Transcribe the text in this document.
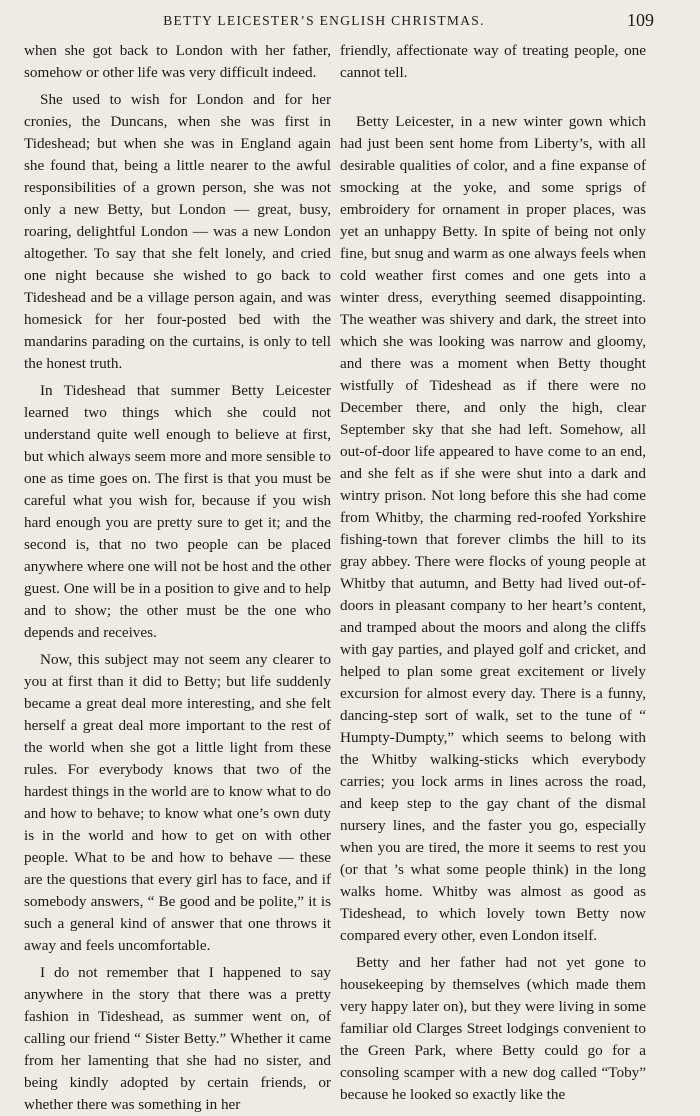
BETTY LEICESTER’S ENGLISH CHRISTMAS.	109

when she got back to London with her father, somehow or other life was very difficult indeed.

She used to wish for London and for her cronies, the Duncans, when she was first in Tideshead; but when she was in England again she found that, being a little nearer to the awful responsibilities of a grown person, she was not only a new Betty, but London — great, busy, roaring, delightful London — was a new London altogether. To say that she felt lonely, and cried one night because she wished to go back to Tideshead and be a village person again, and was homesick for her four-posted bed with the mandarins parading on the curtains, is only to tell the honest truth.

In Tideshead that summer Betty Leicester learned two things which she could not understand quite well enough to believe at first, but which always seem more and more sensible to one as time goes on. The first is that you must be careful what you wish for, because if you wish hard enough you are pretty sure to get it; and the second is, that no two people can be placed anywhere where one will not be host and the other guest. One will be in a position to give and to help and to show; the other must be the one who depends and receives.

Now, this subject may not seem any clearer to you at first than it did to Betty; but life suddenly became a great deal more interesting, and she felt herself a great deal more important to the rest of the world when she got a little light from these rules. For everybody knows that two of the hardest things in the world are to know what to do and how to behave; to know what one’s own duty is in the world and how to get on with other people. What to be and how to behave — these are the questions that every girl has to face, and if somebody answers, “ Be good and be polite,” it is such a general kind of answer that one throws it away and feels uncomfortable.

I do not remember that I happened to say anywhere in the story that there was a pretty fashion in Tideshead, as summer went on, of calling our friend “ Sister Betty.” Whether it came from her lamenting that she had no sister, and being kindly adopted by certain friends, or whether there was something in her

friendly, affectionate way of treating people, one cannot tell.

Betty Leicester, in a new winter gown which had just been sent home from Liberty’s, with all desirable qualities of color, and a fine expanse of smocking at the yoke, and some sprigs of embroidery for ornament in proper places, was yet an unhappy Betty. In spite of being not only fine, but snug and warm as one always feels when cold weather first comes and one gets into a winter dress, everything seemed disappointing. The weather was shivery and dark, the street into which she was looking was narrow and gloomy, and there was a moment when Betty thought wistfully of Tideshead as if there were no December there, and only the high, clear September sky that she had left. Somehow, all out-of-door life appeared to have come to an end, and she felt as if she were shut into a dark and wintry prison. Not long before this she had come from Whitby, the charming red-roofed Yorkshire fishing-town that forever climbs the hill to its gray abbey. There were flocks of young people at Whitby that autumn, and Betty had lived out-of-doors in pleasant company to her heart’s content, and tramped about the moors and along the cliffs with gay parties, and played golf and cricket, and helped to plan some great excitement or lively excursion for almost every day. There is a funny, dancing-step sort of walk, set to the tune of “ Humpty-Dumpty,” which seems to belong with the Whitby walking-sticks which everybody carries; you lock arms in lines across the road, and keep step to the gay chant of the dismal nursery lines, and the faster you go, especially when you are tired, the more it seems to rest you (or that ’s what some people think) in the long walks home. Whitby was almost as good as Tideshead, to which lovely town Betty now compared every other, even London itself.

Betty and her father had not yet gone to housekeeping by themselves (which made them very happy later on), but they were living in some familiar old Clarges Street lodgings convenient to the Green Park, where Betty could go for a consoling scamper with a new dog called “Toby” because he looked so exactly like the
